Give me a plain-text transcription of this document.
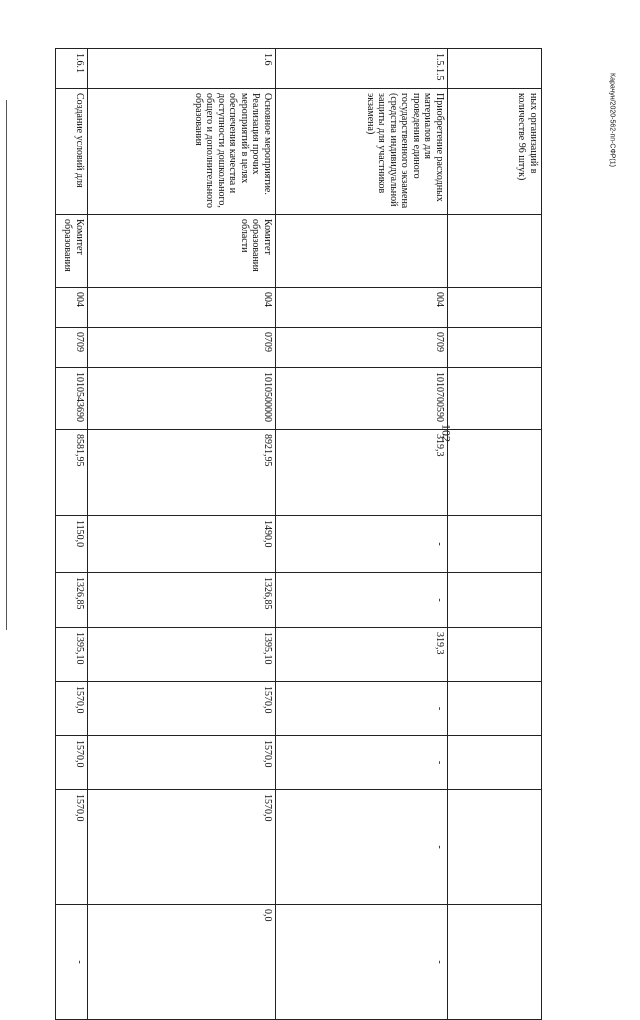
102
Карачун/2020-562-пп-СФР(1)
	ных организаций в количестве 96 штук)												
1.5.1.5	Приобретение расходных материалов для проведения единого государственного экзамена (средства индивидуальной защиты для участников экзамена)		004	0709	1010700590	319,3	-	-	319,3	-	-	-	-
1.6	Основное мероприятие. Реализация прочих мероприятий в целях обеспечения качества и доступности дошкольного, общего и дополнительного образования	Комитет образования области	004	0709	1010500000	8921,95	1490,0	1326,85	1395,10	1570,0	1570,0	1570,0	0,0
1.6.1	Создание условий для	Комитет образования	004	0709	1010543690	8581,95	1150,0	1326,85	1395,10	1570,0	1570,0	1570,0	-
